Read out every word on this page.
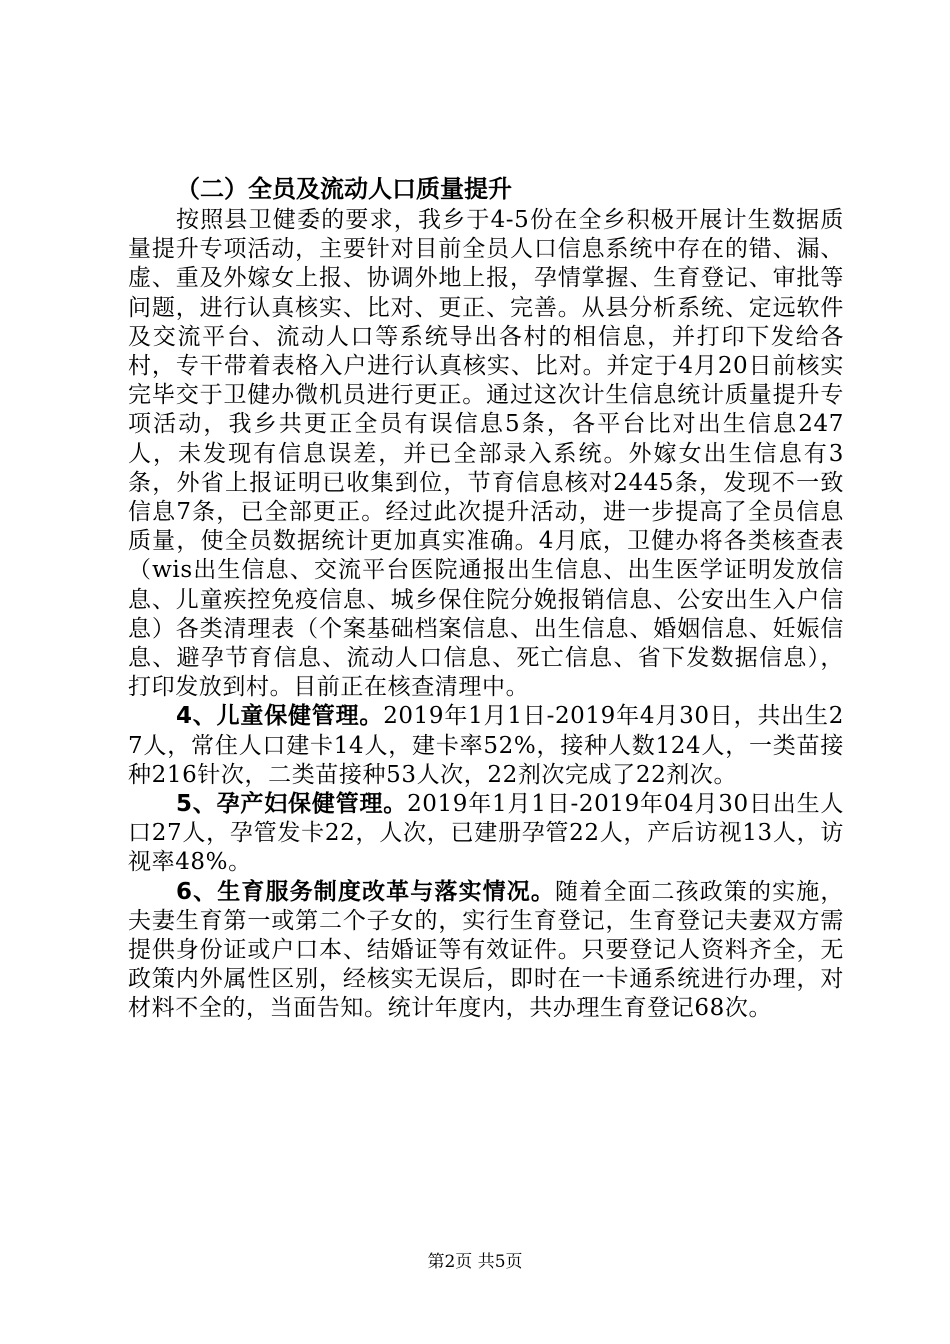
（二）全员及流动人口质量提升

按照县卫健委的要求，我乡于4-5份在全乡积极开展计生数据质量提升专项活动，主要针对目前全员人口信息系统中存在的错、漏、虚、重及外嫁女上报、协调外地上报，孕情掌握、生育登记、审批等问题，进行认真核实、比对、更正、完善。从县分析系统、定远软件及交流平台、流动人口等系统导出各村的相信息，并打印下发给各村，专干带着表格入户进行认真核实、比对。并定于4月20日前核实完毕交于卫健办微机员进行更正。通过这次计生信息统计质量提升专项活动，我乡共更正全员有误信息5条，各平台比对出生信息247人，未发现有信息误差，并已全部录入系统。外嫁女出生信息有3条，外省上报证明已收集到位，节育信息核对2445条，发现不一致信息7条，已全部更正。经过此次提升活动，进一步提高了全员信息质量，使全员数据统计更加真实准确。4月底，卫健办将各类核查表（wis出生信息、交流平台医院通报出生信息、出生医学证明发放信息、儿童疾控免疫信息、城乡保住院分娩报销信息、公安出生入户信息）各类清理表（个案基础档案信息、出生信息、婚姻信息、妊娠信息、避孕节育信息、流动人口信息、死亡信息、省下发数据信息），打印发放到村。目前正在核查清理中。

4、儿童保健管理。2019年1月1日-2019年4月30日，共出生27人，常住人口建卡14人，建卡率52%，接种人数124人，一类苗接种216针次，二类苗接种53人次，22剂次完成了22剂次。

5、孕产妇保健管理。2019年1月1日-2019年04月30日出生人口27人，孕管发卡22，人次，已建册孕管22人，产后访视13人，访视率48%。

6、生育服务制度改革与落实情况。随着全面二孩政策的实施，夫妻生育第一或第二个子女的，实行生育登记，生育登记夫妻双方需提供身份证或户口本、结婚证等有效证件。只要登记人资料齐全，无政策内外属性区别，经核实无误后，即时在一卡通系统进行办理，对材料不全的，当面告知。统计年度内，共办理生育登记68次。

第2页 共5页
